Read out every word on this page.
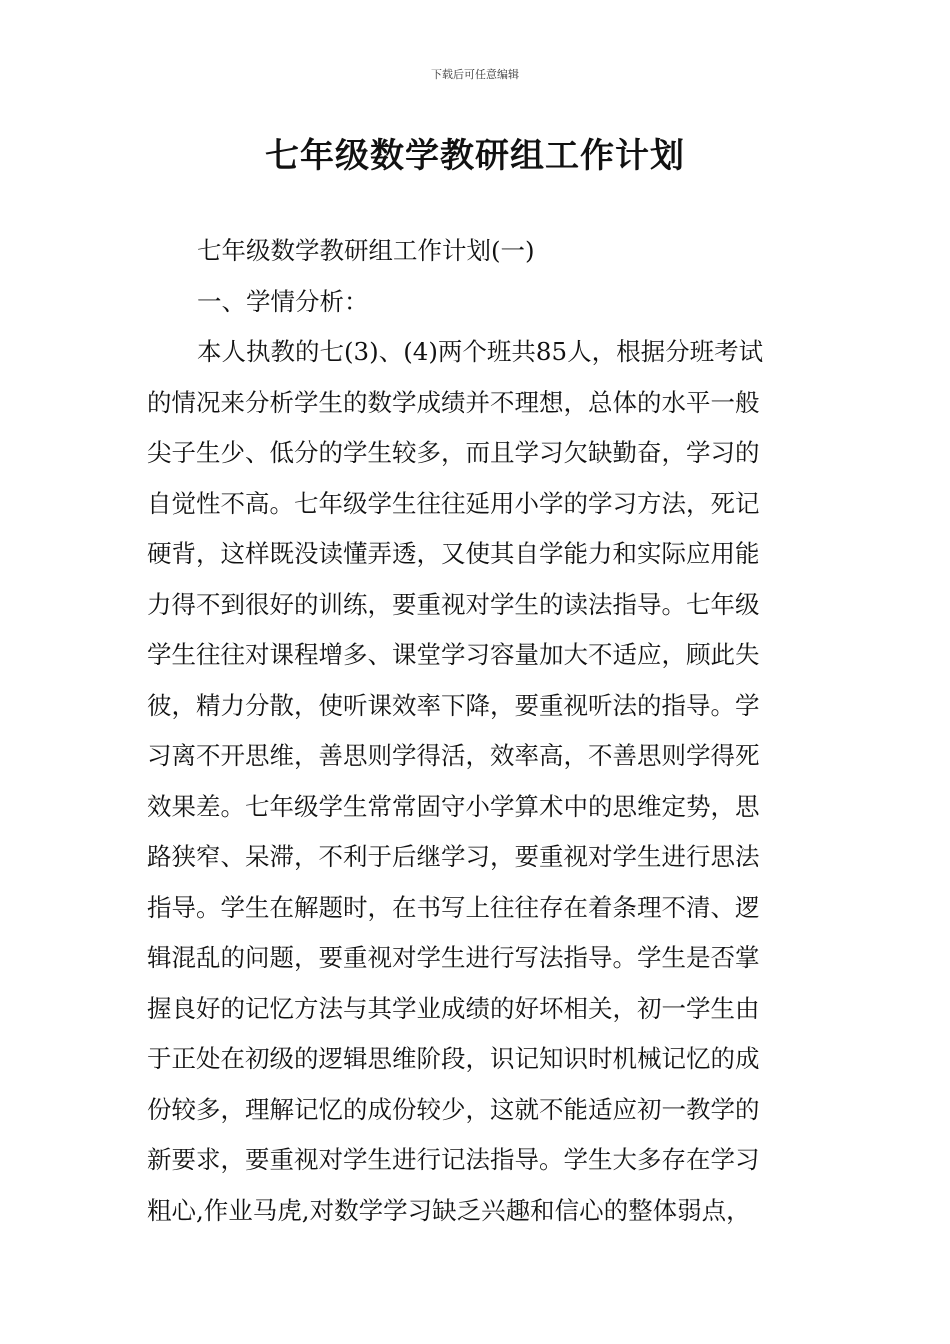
下载后可任意编辑
七年级数学教研组工作计划
七年级数学教研组工作计划(一)
一、学情分析：
本人执教的七(3)、(4)两个班共85人，根据分班考试
的情况来分析学生的数学成绩并不理想，总体的水平一般
尖子生少、低分的学生较多，而且学习欠缺勤奋，学习的
自觉性不高。七年级学生往往延用小学的学习方法，死记
硬背，这样既没读懂弄透，又使其自学能力和实际应用能
力得不到很好的训练，要重视对学生的读法指导。七年级
学生往往对课程增多、课堂学习容量加大不适应，顾此失
彼，精力分散，使听课效率下降，要重视听法的指导。学
习离不开思维，善思则学得活，效率高，不善思则学得死
效果差。七年级学生常常固守小学算术中的思维定势，思
路狭窄、呆滞，不利于后继学习，要重视对学生进行思法
指导。学生在解题时，在书写上往往存在着条理不清、逻
辑混乱的问题，要重视对学生进行写法指导。学生是否掌
握良好的记忆方法与其学业成绩的好坏相关，初一学生由
于正处在初级的逻辑思维阶段，识记知识时机械记忆的成
份较多，理解记忆的成份较少，这就不能适应初一教学的
新要求，要重视对学生进行记法指导。学生大多存在学习
粗心,作业马虎,对数学学习缺乏兴趣和信心的整体弱点，
